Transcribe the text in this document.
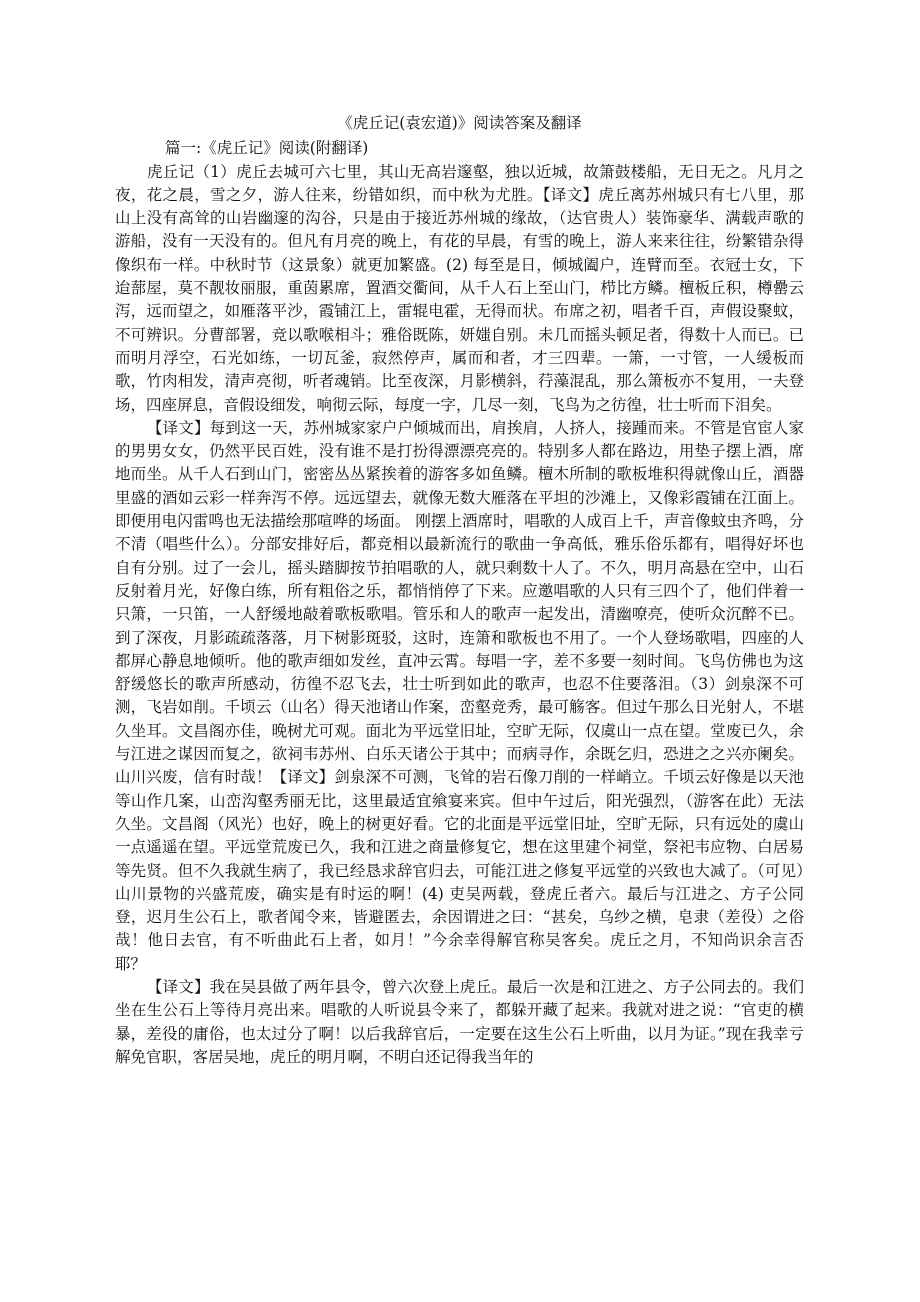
《虎丘记(袁宏道)》阅读答案及翻译

篇一:《虎丘记》阅读(附翻译)

虎丘记（1）虎丘去城可六七里，其山无高岩邃壑，独以近城，故箫鼓楼船，无日无之。凡月之夜，花之晨，雪之夕，游人往来，纷错如织，而中秋为尤胜。【译文】虎丘离苏州城只有七八里，那山上没有高耸的山岩幽邃的沟谷，只是由于接近苏州城的缘故，（达官贵人）装饰豪华、满载声歌的游船，没有一天没有的。但凡有月亮的晚上，有花的早晨，有雪的晚上，游人来来往往，纷繁错杂得像织布一样。中秋时节（这景象）就更加繁盛。(2) 每至是日，倾城阖户，连臂而至。衣冠士女，下迨蔀屋，莫不靓妆丽服，重茵累席，置酒交衢间，从千人石上至山门，栉比方鳞。檀板丘积，樽罍云泻，远而望之，如雁落平沙，霞铺江上，雷辊电霍，无得而状。布席之初，唱者千百，声假设聚蚊，不可辨识。分曹部署，竞以歌喉相斗；雅俗既陈，妍媸自别。未几而摇头顿足者，得数十人而已。已而明月浮空，石光如练，一切瓦釜，寂然停声，属而和者，才三四辈。一箫，一寸管，一人缓板而歌，竹肉相发，清声亮彻，听者魂销。比至夜深，月影横斜，荇藻混乱，那么箫板亦不复用，一夫登场，四座屏息，音假设细发，响彻云际，每度一字，几尽一刻，飞鸟为之彷徨，壮士听而下泪矣。

【译文】每到这一天，苏州城家家户户倾城而出，肩挨肩，人挤人，接踵而来。不管是官宦人家的男男女女，仍然平民百姓，没有谁不是打扮得漂漂亮亮的。特别多人都在路边，用垫子摆上酒，席地而坐。从千人石到山门，密密丛丛紧挨着的游客多如鱼鳞。檀木所制的歌板堆积得就像山丘，酒器里盛的酒如云彩一样奔泻不停。远远望去，就像无数大雁落在平坦的沙滩上，又像彩霞铺在江面上。即便用电闪雷鸣也无法描绘那喧哗的场面。 刚摆上酒席时，唱歌的人成百上千，声音像蚊虫齐鸣，分不清（唱些什么）。分部安排好后，都竞相以最新流行的歌曲一争高低，雅乐俗乐都有，唱得好坏也自有分别。过了一会儿，摇头踏脚按节拍唱歌的人，就只剩数十人了。不久，明月高悬在空中，山石反射着月光，好像白练，所有粗俗之乐，都悄悄停了下来。应邀唱歌的人只有三四个了，他们伴着一只箫，一只笛，一人舒缓地敲着歌板歌唱。管乐和人的歌声一起发出，清幽嘹亮，使听众沉醉不已。到了深夜，月影疏疏落落，月下树影斑驳，这时，连箫和歌板也不用了。一个人登场歌唱，四座的人都屏心静息地倾听。他的歌声细如发丝，直冲云霄。每唱一字，差不多要一刻时间。飞鸟仿佛也为这舒缓悠长的歌声所感动，彷徨不忍飞去，壮士听到如此的歌声，也忍不住要落泪。（3）剑泉深不可测，飞岩如削。千顷云（山名）得天池诸山作案，峦壑竞秀，最可觞客。但过午那么日光射人，不堪久坐耳。文昌阁亦佳，晚树尤可观。面北为平远堂旧址，空旷无际，仅虞山一点在望。堂废已久，余与江进之谋因而复之，欲祠韦苏州、白乐天诸公于其中；而病寻作，余既乞归，恐进之之兴亦阑矣。山川兴废，信有时哉！【译文】剑泉深不可测，飞耸的岩石像刀削的一样峭立。千顷云好像是以天池等山作几案，山峦沟壑秀丽无比，这里最适宜飨宴来宾。但中午过后，阳光强烈，（游客在此）无法久坐。文昌阁（风光）也好，晚上的树更好看。它的北面是平远堂旧址，空旷无际，只有远处的虞山一点遥遥在望。平远堂荒废已久，我和江进之商量修复它，想在这里建个祠堂，祭祀韦应物、白居易等先贤。但不久我就生病了，我已经恳求辞官归去，可能江进之修复平远堂的兴致也大减了。（可见）山川景物的兴盛荒废，确实是有时运的啊！(4) 吏吴两载，登虎丘者六。最后与江进之、方子公同登，迟月生公石上，歌者闻令来，皆避匿去，余因谓进之曰：“甚矣，乌纱之横，皂隶（差役）之俗哉！他日去官，有不听曲此石上者，如月！”今余幸得解官称吴客矣。虎丘之月，不知尚识余言否耶？

【译文】我在吴县做了两年县令，曾六次登上虎丘。最后一次是和江进之、方子公同去的。我们坐在生公石上等待月亮出来。唱歌的人听说县令来了，都躲开藏了起来。我就对进之说：“官吏的横暴，差役的庸俗，也太过分了啊！以后我辞官后，一定要在这生公石上听曲，以月为证。”现在我幸亏解免官职，客居吴地，虎丘的明月啊，不明白还记得我当年的
